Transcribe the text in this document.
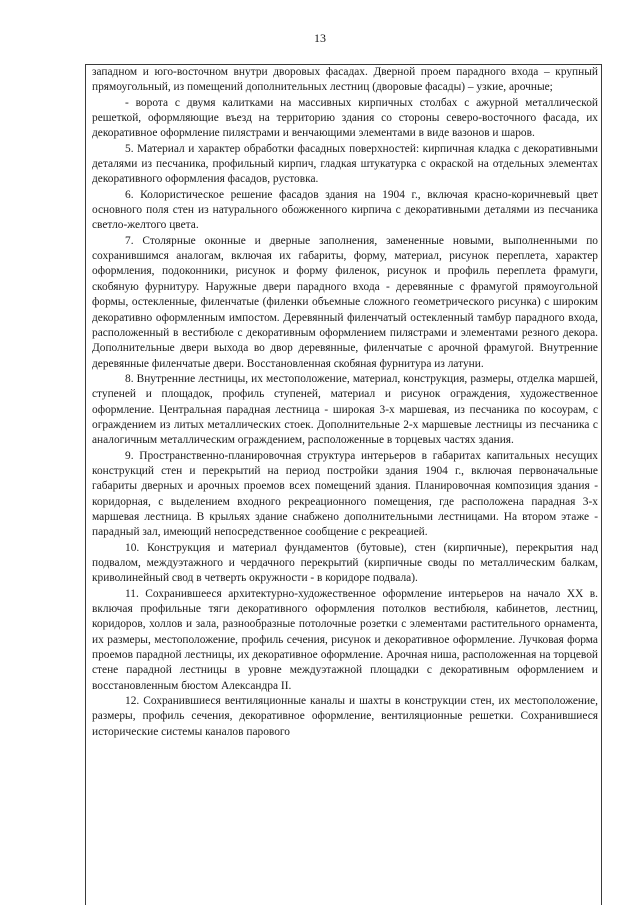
13

западном и юго-восточном внутри дворовых фасадах. Дверной проем парадного входа – крупный прямоугольный, из помещений дополнительных лестниц (дворовые фасады) – узкие, арочные;

- ворота с двумя калитками на массивных кирпичных столбах с ажурной металлической решеткой, оформляющие въезд на территорию здания со стороны северо-восточного фасада, их декоративное оформление пилястрами и венчающими элементами в виде вазонов и шаров.

5. Материал и характер обработки фасадных поверхностей: кирпичная кладка с декоративными деталями из песчаника, профильный кирпич, гладкая штукатурка с окраской на отдельных элементах декоративного оформления фасадов, рустовка.

6. Колористическое решение фасадов здания на 1904 г., включая красно-коричневый цвет основного поля стен из натурального обожженного кирпича с декоративными деталями из песчаника светло-желтого цвета.

7. Столярные оконные и дверные заполнения, замененные новыми, выполненными по сохранившимся аналогам, включая их габариты, форму, материал, рисунок переплета, характер оформления, подоконники, рисунок и форму филенок, рисунок и профиль переплета фрамуги, скобяную фурнитуру. Наружные двери парадного входа - деревянные с фрамугой прямоугольной формы, остекленные, филенчатые (филенки объемные сложного геометрического рисунка) с широким декоративно оформленным импостом. Деревянный филенчатый остекленный тамбур парадного входа, расположенный в вестибюле с декоративным оформлением пилястрами и элементами резного декора. Дополнительные двери выхода во двор деревянные, филенчатые с арочной фрамугой. Внутренние деревянные филенчатые двери. Восстановленная скобяная фурнитура из латуни.

8. Внутренние лестницы, их местоположение, материал, конструкция, размеры, отделка маршей, ступеней и площадок, профиль ступеней, материал и рисунок ограждения, художественное оформление. Центральная парадная лестница - широкая 3-х маршевая, из песчаника по косоурам, с ограждением из литых металлических стоек. Дополнительные 2-х маршевые лестницы из песчаника с аналогичным металлическим ограждением, расположенные в торцевых частях здания.

9. Пространственно-планировочная структура интерьеров в габаритах капитальных несущих конструкций стен и перекрытий на период постройки здания 1904 г., включая первоначальные габариты дверных и арочных проемов всех помещений здания. Планировочная композиция здания - коридорная, с выделением входного рекреационного помещения, где расположена парадная 3-х маршевая лестница. В крыльях здание снабжено дополнительными лестницами. На втором этаже - парадный зал, имеющий непосредственное сообщение с рекреацией.

10. Конструкция и материал фундаментов (бутовые), стен (кирпичные), перекрытия над подвалом, междуэтажного и чердачного перекрытий (кирпичные своды по металлическим балкам, криволинейный свод в четверть окружности - в коридоре подвала).

11. Сохранившееся архитектурно-художественное оформление интерьеров на начало XX в. включая профильные тяги декоративного оформления потолков вестибюля, кабинетов, лестниц, коридоров, холлов и зала, разнообразные потолочные розетки с элементами растительного орнамента, их размеры, местоположение, профиль сечения, рисунок и декоративное оформление. Лучковая форма проемов парадной лестницы, их декоративное оформление. Арочная ниша, расположенная на торцевой стене парадной лестницы в уровне междуэтажной площадки с декоративным оформлением и восстановленным бюстом Александра II.

12. Сохранившиеся вентиляционные каналы и шахты в конструкции стен, их местоположение, размеры, профиль сечения, декоративное оформление, вентиляционные решетки. Сохранившиеся исторические системы каналов парового
